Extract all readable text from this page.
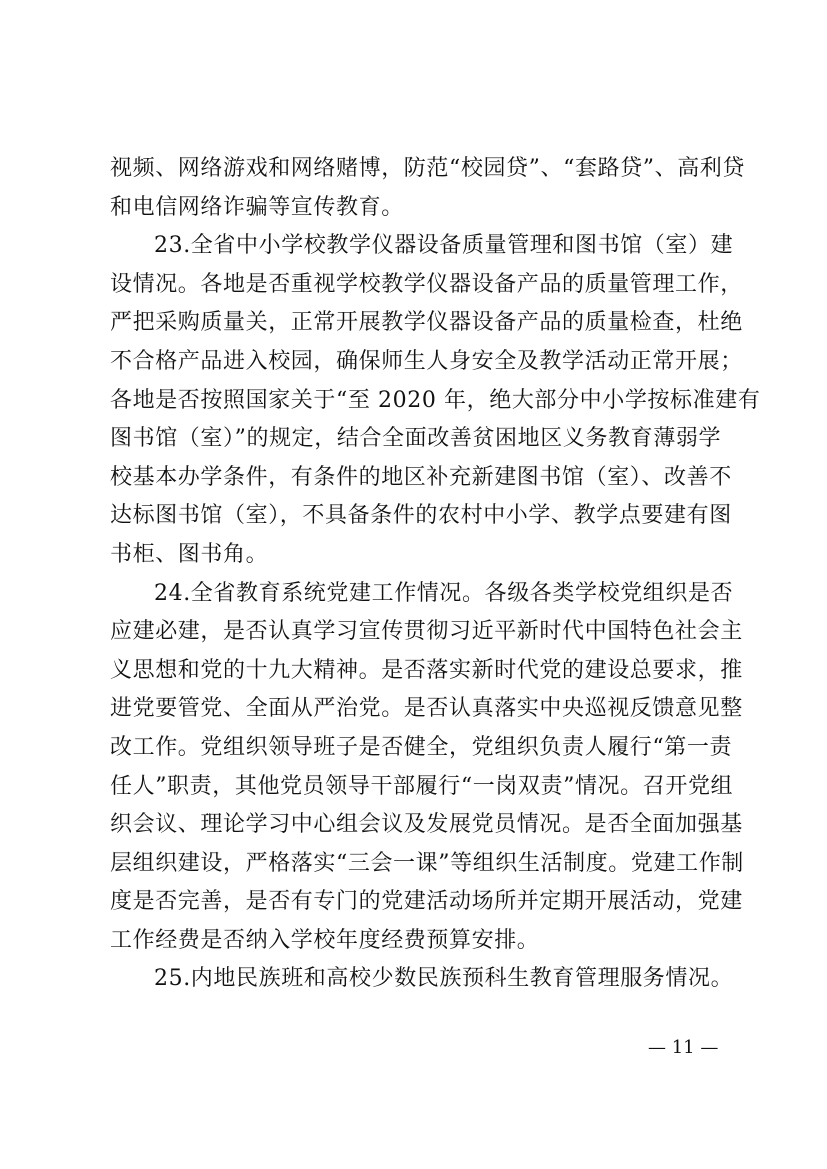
视频、网络游戏和网络赌博，防范“校园贷”、“套路贷”、高利贷
和电信网络诈骗等宣传教育。
23.全省中小学校教学仪器设备质量管理和图书馆（室）建
设情况。各地是否重视学校教学仪器设备产品的质量管理工作，
严把采购质量关，正常开展教学仪器设备产品的质量检查，杜绝
不合格产品进入校园，确保师生人身安全及教学活动正常开展；
各地是否按照国家关于“至 2020 年，绝大部分中小学按标准建有
图书馆（室）”的规定，结合全面改善贫困地区义务教育薄弱学
校基本办学条件，有条件的地区补充新建图书馆（室）、改善不
达标图书馆（室），不具备条件的农村中小学、教学点要建有图
书柜、图书角。
24.全省教育系统党建工作情况。各级各类学校党组织是否
应建必建，是否认真学习宣传贯彻习近平新时代中国特色社会主
义思想和党的十九大精神。是否落实新时代党的建设总要求，推
进党要管党、全面从严治党。是否认真落实中央巡视反馈意见整
改工作。党组织领导班子是否健全，党组织负责人履行“第一责
任人”职责，其他党员领导干部履行“一岗双责”情况。召开党组
织会议、理论学习中心组会议及发展党员情况。是否全面加强基
层组织建设，严格落实“三会一课”等组织生活制度。党建工作制
度是否完善，是否有专门的党建活动场所并定期开展活动，党建
工作经费是否纳入学校年度经费预算安排。
25.内地民族班和高校少数民族预科生教育管理服务情况。
— 11 —
